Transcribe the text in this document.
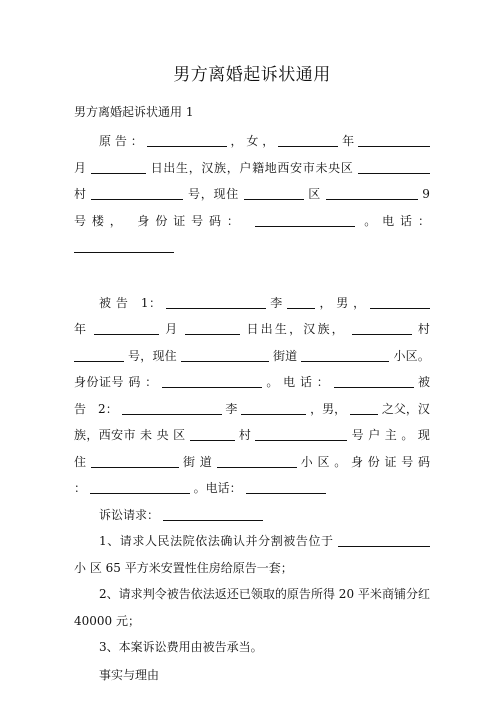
男方离婚起诉状通用
男方离婚起诉状通用 1

原 告 ：	， 女 ，	年  月	日出生，汉族，户籍地西安市未央区  村	号，现住	区	9 号楼， 身份证号码：	。电话：

被 告　1：	李	， 男 ，  年	月	日出生，汉族，	村  号，现住	街道	小区。身份证号 码 ：	。 电 话 ：	被 告　2：	李	，男，	之父，汉族，西安市 未 央 区	村	号 户 主 。 现 住	街 道	小 区 。 身 份 证 号 码 ：	。电话：

诉讼请求：

1、请求人民法院依法确认并分割被告位于  小 区 65 平方米安置性住房给原告一套；

2、请求判令被告依法返还已领取的原告所得 20 平米商铺分红 40000 元；

3、本案诉讼费用由被告承当。

事实与理由
